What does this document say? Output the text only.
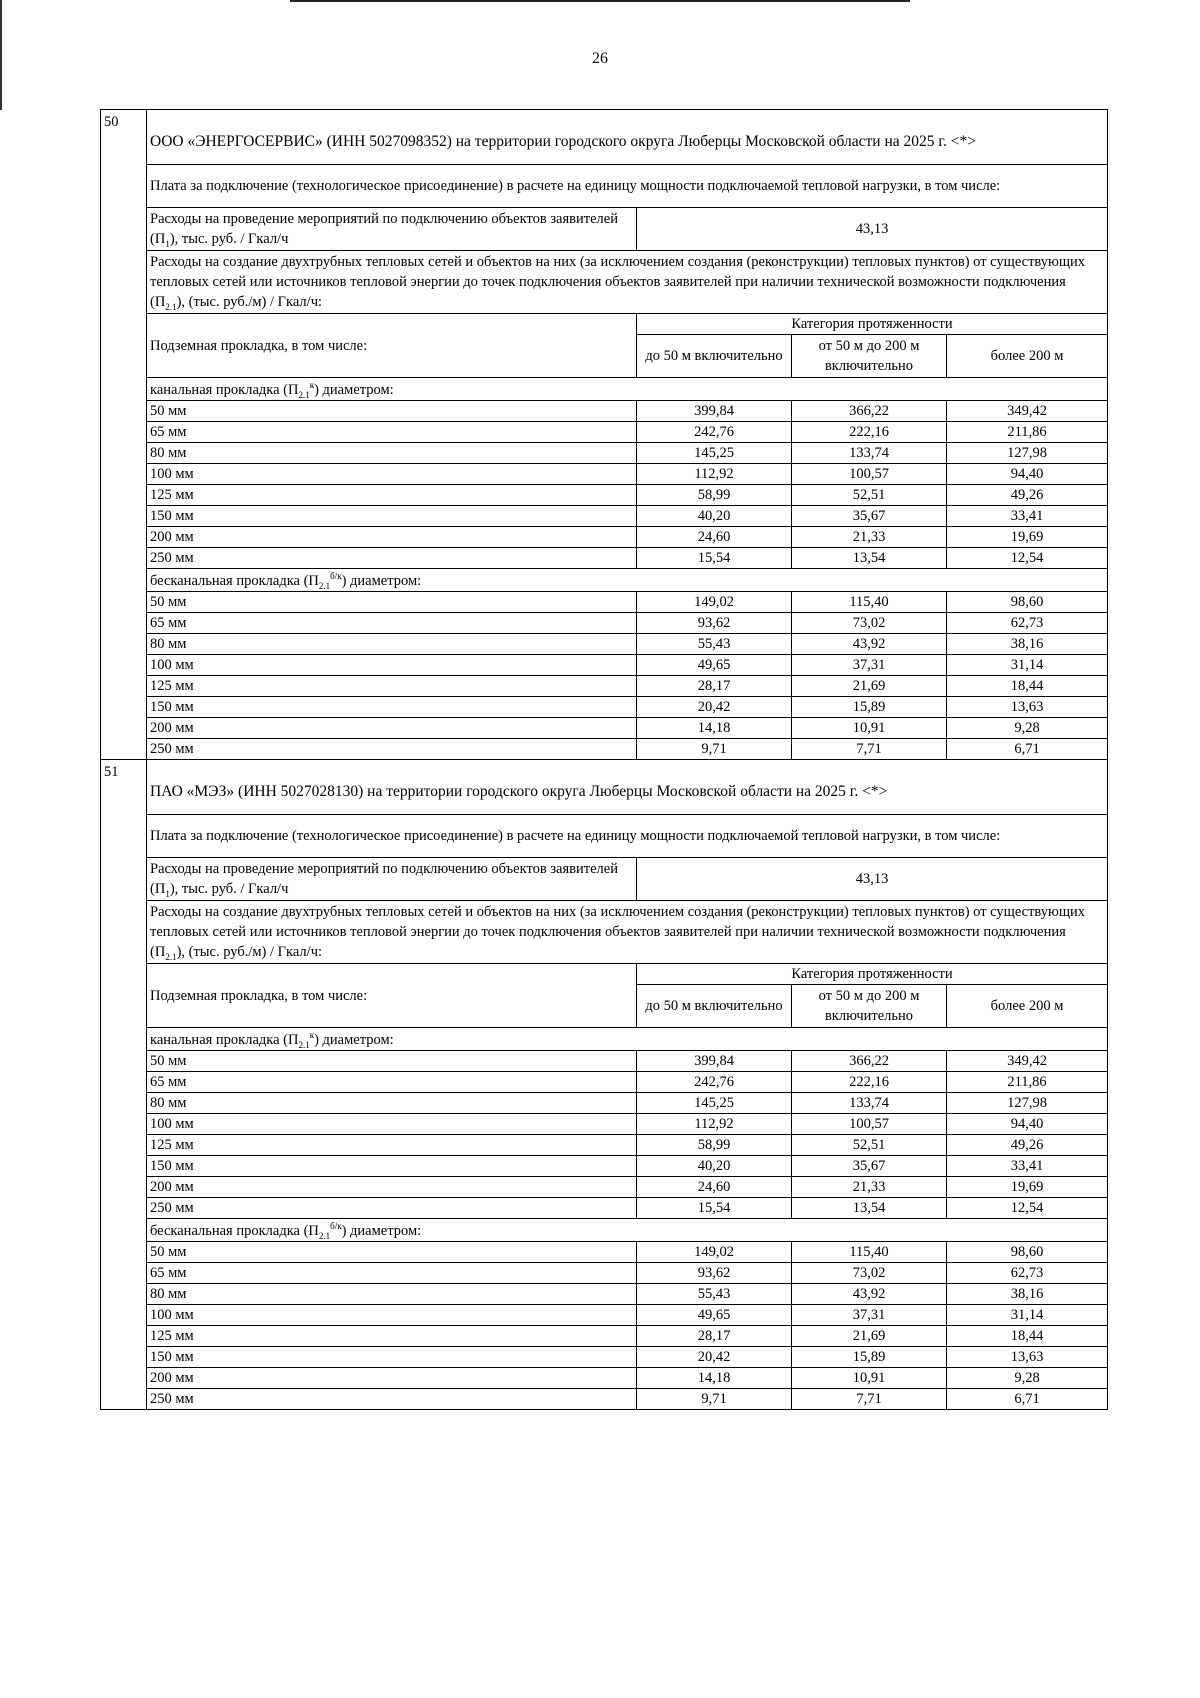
26
50	ООО «ЭНЕРГОСЕРВИС» (ИНН 5027098352) на территории городского округа Люберцы Московской области на 2025 г. <*>			
	Плата за подключение (технологическое присоединение) в расчете на единицу мощности подключаемой тепловой нагрузки, в том числе:			
	Расходы на проведение мероприятий по подключению объектов заявителей $(П_1)$, тыс. руб. / Гкал/ч	43,13		
	Расходы на создание двухтрубных тепловых сетей и объектов на них (за исключением создания (реконструкции) тепловых пунктов) от существующих тепловых сетей или источников тепловой энергии до точек подключения объектов заявителей при наличии технической возможности подключения $(П_{2.1})$, (тыс. руб./м) / Гкал/ч:			
	Подземная прокладка, в том числе:	Категория протяженности		
		до 50 м включительно	от 50 м до 200 м включительно	более 200 м
	канальная прокладка $(П_{2.1}^к)$ диаметром:			
	50 мм	399,84	366,22	349,42
	65 мм	242,76	222,16	211,86
	80 мм	145,25	133,74	127,98
	100 мм	112,92	100,57	94,40
	125 мм	58,99	52,51	49,26
	150 мм	40,20	35,67	33,41
	200 мм	24,60	21,33	19,69
	250 мм	15,54	13,54	12,54
	бесканальная прокладка $(П_{2.1}^{б/к})$ диаметром:			
	50 мм	149,02	115,40	98,60
	65 мм	93,62	73,02	62,73
	80 мм	55,43	43,92	38,16
	100 мм	49,65	37,31	31,14
	125 мм	28,17	21,69	18,44
	150 мм	20,42	15,89	13,63
	200 мм	14,18	10,91	9,28
	250 мм	9,71	7,71	6,71
51	ПАО «МЭЗ» (ИНН 5027028130) на территории городского округа Люберцы Московской области на 2025 г. <*>			
	Плата за подключение (технологическое присоединение) в расчете на единицу мощности подключаемой тепловой нагрузки, в том числе:			
	Расходы на проведение мероприятий по подключению объектов заявителей $(П_1)$, тыс. руб. / Гкал/ч	43,13		
	Расходы на создание двухтрубных тепловых сетей и объектов на них (за исключением создания (реконструкции) тепловых пунктов) от существующих тепловых сетей или источников тепловой энергии до точек подключения объектов заявителей при наличии технической возможности подключения $(П_{2.1})$, (тыс. руб./м) / Гкал/ч:			
	Подземная прокладка, в том числе:	Категория протяженности		
		до 50 м включительно	от 50 м до 200 м включительно	более 200 м
	канальная прокладка $(П_{2.1}^к)$ диаметром:			
	50 мм	399,84	366,22	349,42
	65 мм	242,76	222,16	211,86
	80 мм	145,25	133,74	127,98
	100 мм	112,92	100,57	94,40
	125 мм	58,99	52,51	49,26
	150 мм	40,20	35,67	33,41
	200 мм	24,60	21,33	19,69
	250 мм	15,54	13,54	12,54
	бесканальная прокладка $(П_{2.1}^{б/к})$ диаметром:			
	50 мм	149,02	115,40	98,60
	65 мм	93,62	73,02	62,73
	80 мм	55,43	43,92	38,16
	100 мм	49,65	37,31	31,14
	125 мм	28,17	21,69	18,44
	150 мм	20,42	15,89	13,63
	200 мм	14,18	10,91	9,28
	250 мм	9,71	7,71	6,71
